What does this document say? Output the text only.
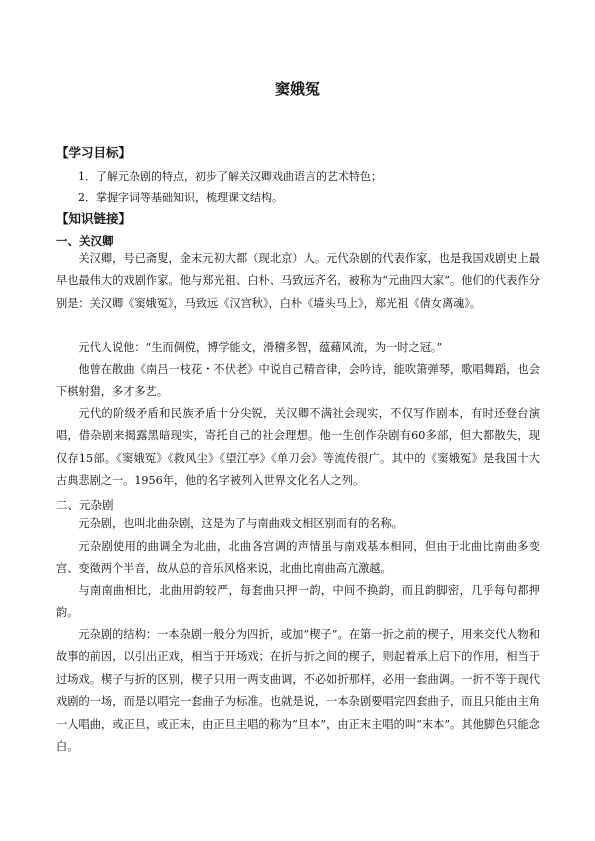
窦娥冤
【学习目标】
1．了解元杂剧的特点，初步了解关汉卿戏曲语言的艺术特色；
2．掌握字词等基础知识，梳理课文结构。
【知识链接】
一、关汉卿

关汉卿，号已斋叟，金末元初大都（现北京）人。元代杂剧的代表作家，也是我国戏剧史上最早也最伟大的戏剧作家。他与郑光祖、白朴、马致远齐名，被称为“元曲四大家”。他们的代表作分别是：关汉卿《窦娥冤》，马致远《汉宫秋》，白朴《墙头马上》，郑光祖《倩女离魂》。

元代人说他：“生而倜傥，博学能文，滑稽多智，蕴藉风流，为一时之冠。”

他曾在散曲《南吕一枝花・不伏老》中说自己精音律，会吟诗，能吹箫弹琴，歌唱舞蹈，也会下棋射猎，多才多艺。

元代的阶级矛盾和民族矛盾十分尖锐，关汉卿不满社会现实，不仅写作剧本，有时还登台演唱，借杂剧来揭露黑暗现实，寄托自己的社会理想。他一生创作杂剧有60多部，但大都散失，现仅存15部。《窦娥冤》《救风尘》《望江亭》《单刀会》等流传很广。其中的《窦娥冤》是我国十大古典悲剧之一。1956年，他的名字被列入世界文化名人之列。

二、元杂剧

元杂剧，也叫北曲杂剧，这是为了与南曲戏文相区别而有的名称。

元杂剧使用的曲调全为北曲，北曲各宫调的声情虽与南戏基本相同，但由于北曲比南曲多变宫、变徵两个半音，故从总的音乐风格来说，北曲比南曲高亢激越。

与南南曲相比，北曲用韵较严，每套曲只押一韵，中间不换韵，而且韵脚密，几乎每句都押韵。

元杂剧的结构：一本杂剧一般分为四折，或加“楔子”。在第一折之前的楔子，用来交代人物和故事的前因，以引出正戏，相当于开场戏；在折与折之间的楔子，则起着承上启下的作用，相当于过场戏。楔子与折的区别，楔子只用一两支曲调，不必如折那样，必用一套曲调。一折不等于现代戏剧的一场，而是以唱完一套曲子为标准。也就是说，一本杂剧要唱完四套曲子，而且只能由主角一人唱曲，或正旦，或正末，由正旦主唱的称为“旦本”，由正末主唱的叫“末本”。其他脚色只能念白。
